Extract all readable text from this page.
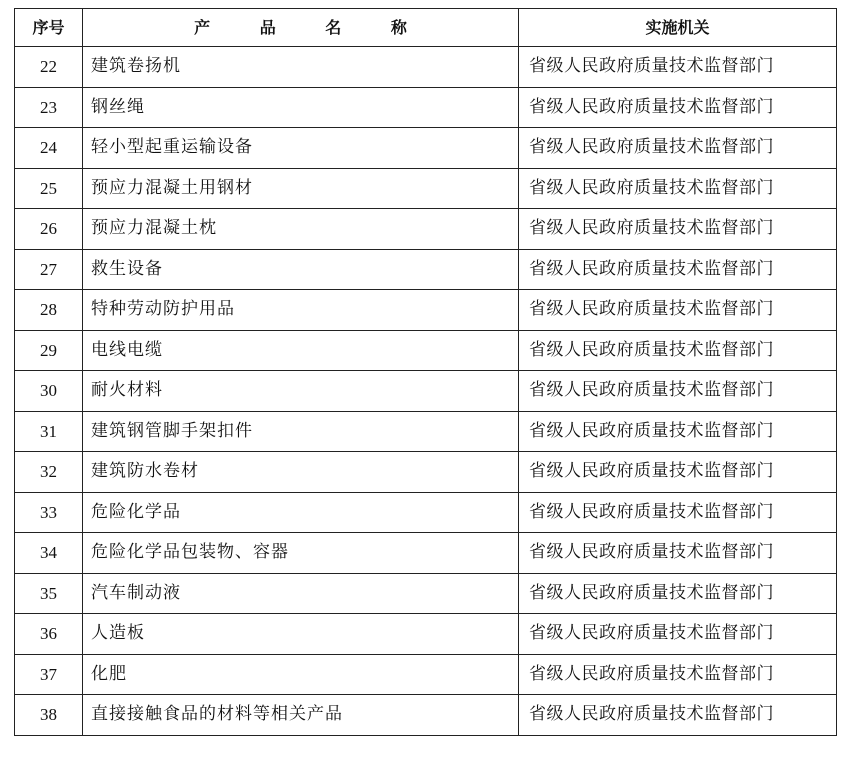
序号	产 品 名 称	实施机关
22	建筑卷扬机	省级人民政府质量技术监督部门
23	钢丝绳	省级人民政府质量技术监督部门
24	轻小型起重运输设备	省级人民政府质量技术监督部门
25	预应力混凝土用钢材	省级人民政府质量技术监督部门
26	预应力混凝土枕	省级人民政府质量技术监督部门
27	救生设备	省级人民政府质量技术监督部门
28	特种劳动防护用品	省级人民政府质量技术监督部门
29	电线电缆	省级人民政府质量技术监督部门
30	耐火材料	省级人民政府质量技术监督部门
31	建筑钢管脚手架扣件	省级人民政府质量技术监督部门
32	建筑防水卷材	省级人民政府质量技术监督部门
33	危险化学品	省级人民政府质量技术监督部门
34	危险化学品包装物、容器	省级人民政府质量技术监督部门
35	汽车制动液	省级人民政府质量技术监督部门
36	人造板	省级人民政府质量技术监督部门
37	化肥	省级人民政府质量技术监督部门
38	直接接触食品的材料等相关产品	省级人民政府质量技术监督部门
